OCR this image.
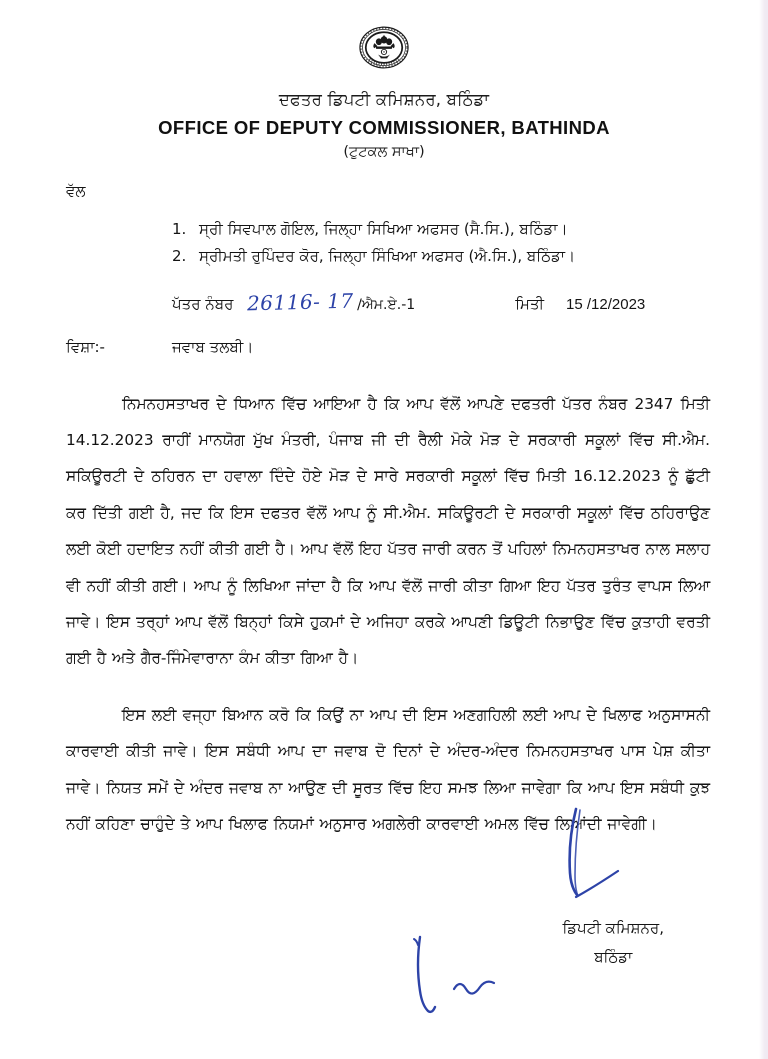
ਦਫਤਰ ਡਿਪਟੀ ਕਮਿਸ਼ਨਰ, ਬਠਿੰਡਾ
OFFICE OF DEPUTY COMMISSIONER, BATHINDA
(ਟੁਟਕਲ ਸਾਖਾ)
ਵੱਲ
1. ਸ੍ਰੀ ਸਿਵਪਾਲ ਗੋਇਲ, ਜਿਲ੍ਹਾ ਸਿਖਿਆ ਅਫਸਰ (ਸੈ.ਸਿ.), ਬਠਿੰਡਾ।
2. ਸ੍ਰੀਮਤੀ ਰੁਪਿੰਦਰ ਕੋਰ, ਜਿਲ੍ਹਾ ਸਿੰਖਿਆ ਅਫਸਰ (ਐ.ਸਿ.), ਬਠਿੰਡਾ।
ਪੱਤਰ ਨੰਬਰ 26116- 17 /ਐਮ.ਏ.-1	ਮਿਤੀ 15 /12/2023
ਵਿਸ਼ਾ:-	ਜਵਾਬ ਤਲਬੀ।

ਨਿਮਨਹਸਤਾਖਰ ਦੇ ਧਿਆਨ ਵਿੱਚ ਆਇਆ ਹੈ ਕਿ ਆਪ ਵੱਲੋਂ ਆਪਣੇ ਦਫਤਰੀ ਪੱਤਰ ਨੰਬਰ 2347 ਮਿਤੀ 14.12.2023 ਰਾਹੀਂ ਮਾਨਯੋਗ ਮੁੱਖ ਮੰਤਰੀ, ਪੰਜਾਬ ਜੀ ਦੀ ਰੈਲੀ ਮੋਕੇ ਮੋੜ ਦੇ ਸਰਕਾਰੀ ਸਕੂਲਾਂ ਵਿੱਚ ਸੀ.ਐਮ. ਸਕਿਊਰਟੀ ਦੇ ਠਹਿਰਨ ਦਾ ਹਵਾਲਾ ਦਿੰਦੇ ਹੋਏ ਮੋੜ ਦੇ ਸਾਰੇ ਸਰਕਾਰੀ ਸਕੂਲਾਂ ਵਿੱਚ ਮਿਤੀ 16.12.2023 ਨੂੰ ਛੁੱਟੀ ਕਰ ਦਿੱਤੀ ਗਈ ਹੈ, ਜਦ ਕਿ ਇਸ ਦਫਤਰ ਵੱਲੋਂ ਆਪ ਨੂੰ ਸੀ.ਐਮ. ਸਕਿਊਰਟੀ ਦੇ ਸਰਕਾਰੀ ਸਕੂਲਾਂ ਵਿੱਚ ਠਹਿਰਾਉਣ ਲਈ ਕੋਈ ਹਦਾਇਤ ਨਹੀਂ ਕੀਤੀ ਗਈ ਹੈ। ਆਪ ਵੱਲੋਂ ਇਹ ਪੱਤਰ ਜਾਰੀ ਕਰਨ ਤੋਂ ਪਹਿਲਾਂ ਨਿਮਨਹਸਤਾਖਰ ਨਾਲ ਸਲਾਹ ਵੀ ਨਹੀਂ ਕੀਤੀ ਗਈ। ਆਪ ਨੂੰ ਲਿਖਿਆ ਜਾਂਦਾ ਹੈ ਕਿ ਆਪ ਵੱਲੋਂ ਜਾਰੀ ਕੀਤਾ ਗਿਆ ਇਹ ਪੱਤਰ ਤੁਰੰਤ ਵਾਪਸ ਲਿਆ ਜਾਵੇ। ਇਸ ਤਰ੍ਹਾਂ ਆਪ ਵੱਲੋਂ ਬਿਨ੍ਹਾਂ ਕਿਸੇ ਹੁਕਮਾਂ ਦੇ ਅਜਿਹਾ ਕਰਕੇ ਆਪਣੀ ਡਿਊਟੀ ਨਿਭਾਉਣ ਵਿੱਚ ਕੁਤਾਹੀ ਵਰਤੀ ਗਈ ਹੈ ਅਤੇ ਗੈਰ-ਜਿੰਮੇਵਾਰਾਨਾ ਕੰਮ ਕੀਤਾ ਗਿਆ ਹੈ।

ਇਸ ਲਈ ਵਜ੍ਹਾ ਬਿਆਨ ਕਰੋ ਕਿ ਕਿਉਂ ਨਾ ਆਪ ਦੀ ਇਸ ਅਣਗਹਿਲੀ ਲਈ ਆਪ ਦੇ ਖਿਲਾਫ ਅਨੁਸਾਸਨੀ ਕਾਰਵਾਈ ਕੀਤੀ ਜਾਵੇ। ਇਸ ਸਬੰਧੀ ਆਪ ਦਾ ਜਵਾਬ ਦੋ ਦਿਨਾਂ ਦੇ ਅੰਦਰ-ਅੰਦਰ ਨਿਮਨਹਸਤਾਖਰ ਪਾਸ ਪੇਸ਼ ਕੀਤਾ ਜਾਵੇ। ਨਿਯਤ ਸਮੇਂ ਦੇ ਅੰਦਰ ਜਵਾਬ ਨਾ ਆਉਣ ਦੀ ਸੂਰਤ ਵਿੱਚ ਇਹ ਸਮਝ ਲਿਆ ਜਾਵੇਗਾ ਕਿ ਆਪ ਇਸ ਸਬੰਧੀ ਕੁਝ ਨਹੀਂ ਕਹਿਣਾ ਚਾਹੁੰਦੇ ਤੇ ਆਪ ਖਿਲਾਫ ਨਿਯਮਾਂ ਅਨੁਸਾਰ ਅਗਲੇਰੀ ਕਾਰਵਾਈ ਅਮਲ ਵਿੱਚ ਲਿਆਂਦੀ ਜਾਵੇਗੀ।

ਡਿਪਟੀ ਕਮਿਸ਼ਨਰ,
ਬਠਿੰਡਾ
